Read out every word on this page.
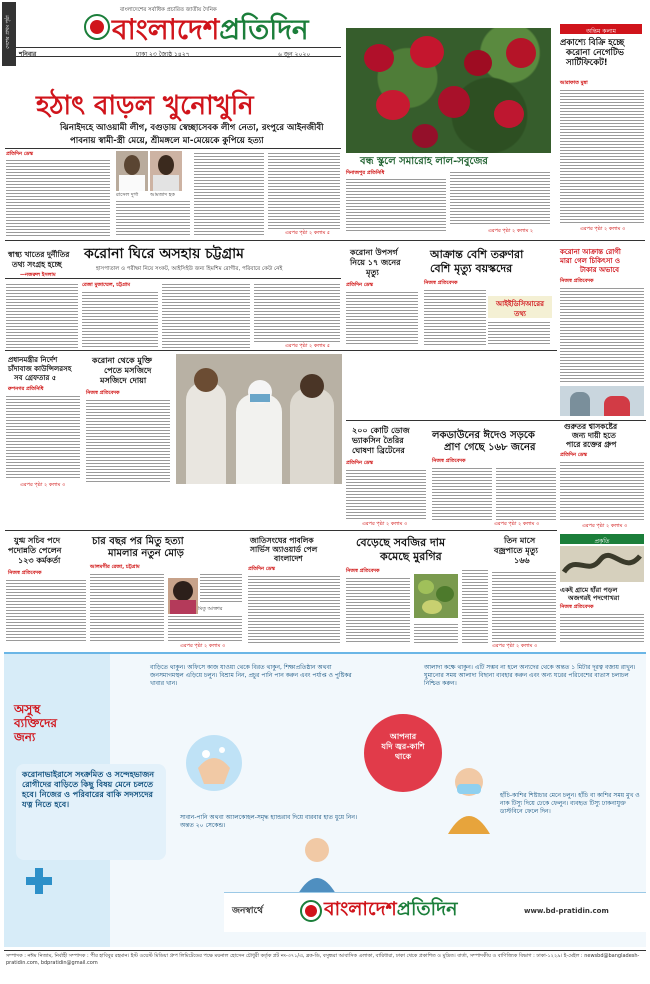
দেশের প্রথম পৃষ্ঠা
বাংলাদেশের সর্বাধিক প্রচারিত জাতীয় দৈনিক
বাংলাদেশপ্রতিদিন
শনিবার	ঢাকা ২৩ জ্যৈষ্ঠ ১৪২৭	৬ জুন ২০২০
হঠাৎ বাড়ল খুনোখুনি
ঝিনাইদহে আওয়ামী লীগ, বগুড়ায় স্বেচ্ছাসেবক লীগ নেতা, রংপুরে আইনজীবী
পাবনায় স্বামী-স্ত্রী মেয়ে, শ্রীমঙ্গলে মা-মেয়েকে কুপিয়ে হত্যা
প্রতিদিন ডেস্ক
রাসেল দুর্গা	আমজাদ হক
এরপর পৃষ্ঠা ২ কলাম ৫
বন্ধ স্কুলে সমারোহ লাল-সবুজের
দিনাজপুর প্রতিনিধি
এরপর পৃষ্ঠা ২ কলাম ২
অন্তিম কলাম
প্রকাশ্যে বিক্রি হচ্ছে
করোনা নেগেটিভ
সার্টিফিকেট!
আরাফাত মুন্না
এরপর পৃষ্ঠা ২ কলাম ৩
স্বাস্থ্য খাতের দুর্নীতির
তথ্য সংগ্রহ হচ্ছে
—নজরুল ইসলাম
করোনা ঘিরে অসহায় চট্টগ্রাম
হাসপাতাল ও পরীক্ষা নিয়ে সংকট, আইসিইউ জন্য হিমশিম রোগীর, পরিবারে কেউ নেই
রেজা মুজাম্মেল, চট্টগ্রাম
এরপর পৃষ্ঠা ২ কলাম ৫
করোনা উপসর্গ
নিয়ে ১৭ জনের
মৃত্যু
প্রতিদিন ডেস্ক
আক্রান্ত বেশি তরুণরা
বেশি মৃত্যু বয়স্কদের
নিজস্ব প্রতিবেদক
আইইডিসিআরের
তথ্য
করোনা আক্রান্ত রোগী
মারা গেল চিকিৎসা ও
টাকার অভাবে
নিজস্ব প্রতিবেদক
প্রধানমন্ত্রীর নির্দেশ
চাঁদাবাজ কাউন্সিলরসহ
সব গ্রেফতার ৫
রুপনগর প্রতিনিধি
এরপর পৃষ্ঠা ২ কলাম ৩
করোনা থেকে মুক্তি
পেতে মসজিদে
মসজিদে দোয়া
নিজস্ব প্রতিবেদক
২০০ কোটি ডোজ
ভ্যাকসিন তৈরির
ঘোষণা ব্রিটেনের
প্রতিদিন ডেস্ক
এরপর পৃষ্ঠা ২ কলাম ৩
লকডাউনের ঈদেও সড়কে
প্রাণ গেছে ১৬৮ জনের
নিজস্ব প্রতিবেদক
এরপর পৃষ্ঠা ২ কলাম ৩
গুরুতর শ্বাসকষ্টের
জন্য দায়ী হতে
পারে রক্তের গ্রুপ
প্রতিদিন ডেস্ক
এরপর পৃষ্ঠা ২ কলাম ৩
যুগ্ম সচিব পদে
পদোন্নতি পেলেন
১২৩ কর্মকর্তা
নিজস্ব প্রতিবেদক
চার বছর পর মিতু হত্যা
মামলার নতুন মোড়
আলমগীর রেজা, চট্টগ্রাম
মিতু আক্তার
এরপর পৃষ্ঠা ২ কলাম ৩
জাতিসংঘের পাবলিক
সার্ভিস অ্যাওয়ার্ড পেল
বাংলাদেশ
প্রতিদিন ডেস্ক
বেড়েছে সবজির দাম
কমেছে মুরগির
নিজস্ব প্রতিবেদক
তিন মাসে
বজ্রপাতে মৃত্যু
১৬৬
এরপর পৃষ্ঠা ২ কলাম ৩
প্রকৃতি
একই গ্রামে হাঁরা পড়ল
অজগরই পদগোখরা
নিজস্ব প্রতিবেদক
অসুস্থ
ব্যক্তিদের
জন্য
করোনাভাইরাসে সংক্রমিত ও সন্দেহভাজন রোগীদের বাড়িতে কিছু বিষয় মেনে চলতে হবে। নিজের ও পরিবারের বাকি সদস্যদের যত্ন নিতে হবে।
বাড়িতে থাকুন। অফিসে কাজ যাওয়া থেকে বিরত থাকুন, শিক্ষাপ্রতিষ্ঠান অথবা জনসমাগমস্থল এড়িয়ে চলুন। বিশ্রাম নিন, প্রচুর পানি পান করুন এবং পর্যাপ্ত ও পুষ্টিকর খাবার খান।
সাবান-পানি অথবা অ্যালকোহল-সমৃদ্ধ হ্যান্ডরাব দিয়ে বারবার হাত ধুয়ে নিন। অন্তত ২০ সেকেন্ড।
আপনার
যদি জ্বর-কাশি
থাকে
আলাদা কক্ষে থাকুন। এটি সম্ভব না হলে অন্যদের থেকে অন্তত ১ মিটার দূরত্ব বজায় রাখুন। ঘুমানোর সময় আলাদা বিছানা ব্যবহার করুন এবং অন্য ঘরের পরিবেশের বাতাস চলাচল নিশ্চিত করুন।
হাঁচি-কাশির শিষ্টাচার মেনে চলুন। হাঁচি বা কাশির সময় মুখ ও নাক টিস্যু দিয়ে ঢেকে ফেলুন। ব্যবহৃত টিস্যু ঢাকনাযুক্ত ডাস্টবিনে ফেলে দিন।
জনস্বার্থে	বাংলাদেশপ্রতিদিন	www.bd-pratidin.com
সম্পাদক : নঈম নিজাম, নির্বাহী সম্পাদক : পীর হাবিবুর রহমান। ইস্ট ওয়েস্ট মিডিয়া গ্রুপ লিমিটেডের পক্ষে ময়নাল হোসেন চৌধুরী কর্তৃক প্লট নং-৩৭১/এ, ব্লক-ডি, বসুন্ধরা আবাসিক এলাকা, বারিধারা, ঢাকা থেকে প্রকাশিত ও মুদ্রিত। বার্তা, সম্পাদকীয় ও বাণিজ্যিক বিভাগ : ঢাকা-১২২৯। ই-মেইল : newsbd@bangladesh-pratidin.com, bdpratidin@gmail.com
